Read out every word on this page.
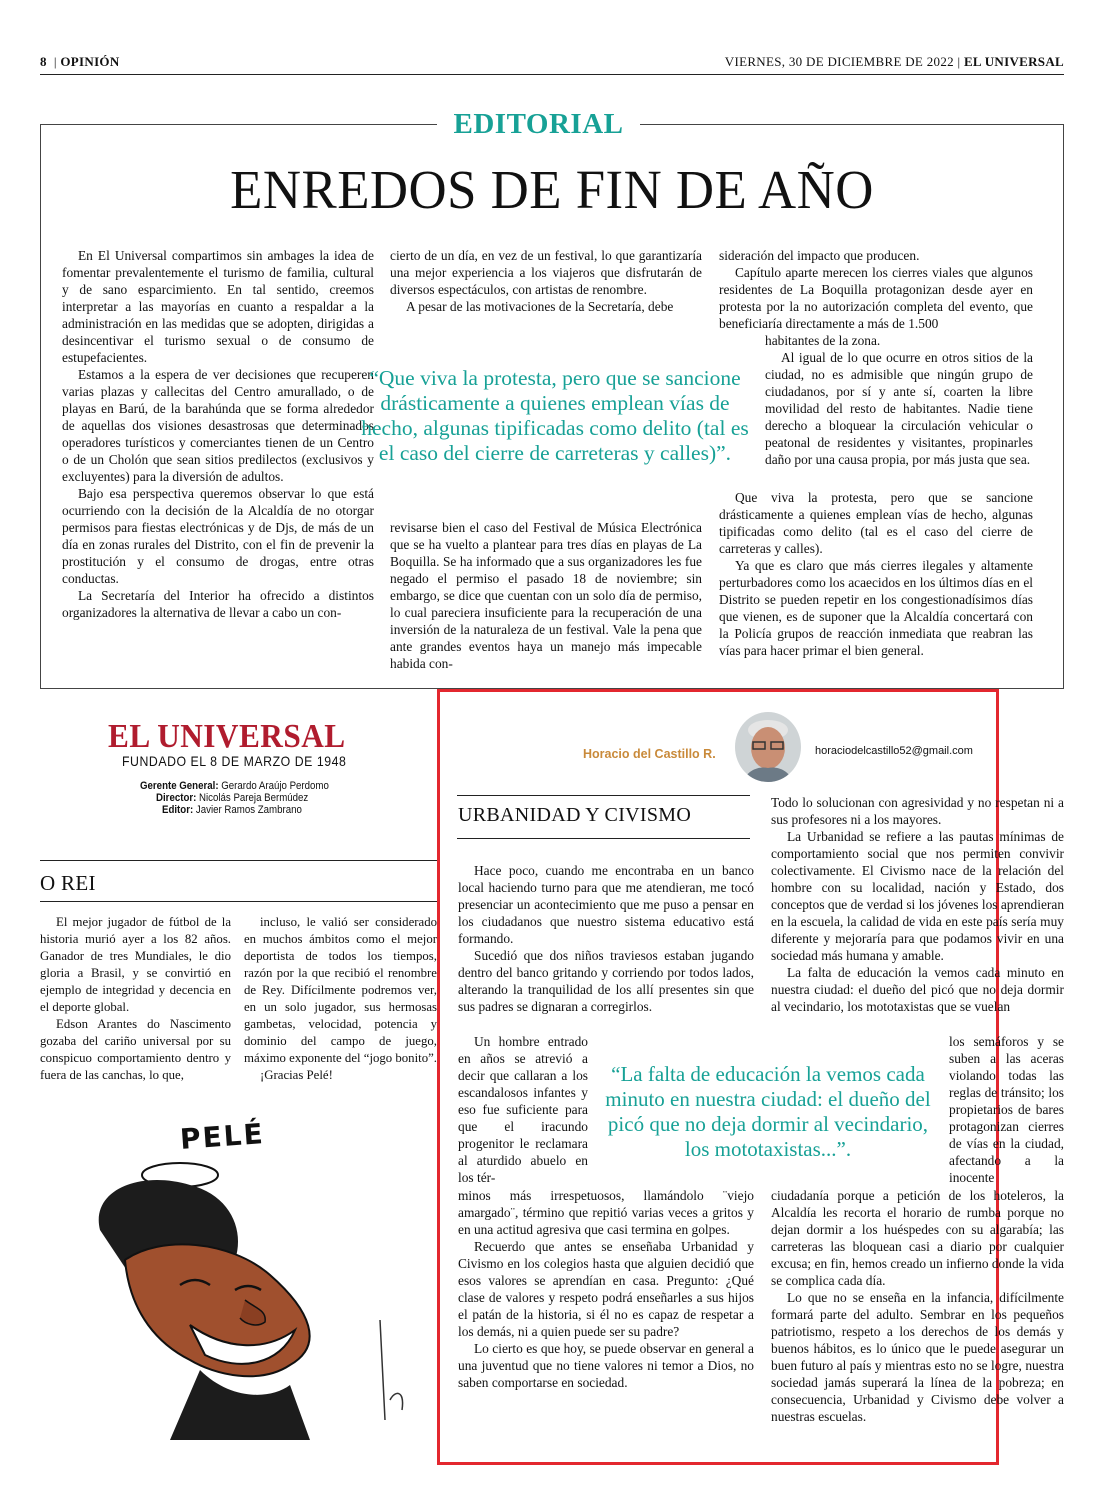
8  | OPINIÓN	VIERNES, 30 DE DICIEMBRE DE 2022 | EL UNIVERSAL
EDITORIAL
ENREDOS DE FIN DE AÑO

En El Universal compartimos sin ambages la idea de fomentar prevalentemente el turismo de familia, cultural y de sano esparcimiento. En tal sentido, creemos interpretar a las mayorías en cuanto a respaldar a la administración en las medidas que se adopten, dirigidas a desincentivar el turismo sexual o de consumo de estupefacientes.

Estamos a la espera de ver decisiones que recuperen varias plazas y callecitas del Centro amurallado, o de playas en Barú, de la barahúnda que se forma alrededor de aquellas dos visiones desastrosas que determinados operadores turísticos y comerciantes tienen de un Centro o de un Cholón que sean sitios predilectos (exclusivos y excluyentes) para la diversión de adultos.

Bajo esa perspectiva queremos observar lo que está ocurriendo con la decisión de la Alcaldía de no otorgar permisos para fiestas electrónicas y de Djs, de más de un día en zonas rurales del Distrito, con el fin de prevenir la prostitución y el consumo de drogas, entre otras conductas.

La Secretaría del Interior ha ofrecido a distintos organizadores la alternativa de llevar a cabo un con-

cierto de un día, en vez de un festival, lo que garantizaría una mejor experiencia a los viajeros que disfrutarán de diversos espectáculos, con artistas de renombre.

A pesar de las motivaciones de la Secretaría, debe

“Que viva la protesta, pero que se sancione drásticamente a quienes emplean vías de hecho, algunas tipificadas como delito (tal es el caso del cierre de carreteras y calles)”.

revisarse bien el caso del Festival de Música Electrónica que se ha vuelto a plantear para tres días en playas de La Boquilla. Se ha informado que a sus organizadores les fue negado el permiso el pasado 18 de noviembre; sin embargo, se dice que cuentan con un solo día de permiso, lo cual pareciera insuficiente para la recuperación de una inversión de la naturaleza de un festival. Vale la pena que ante grandes eventos haya un manejo más impecable habida con-

sideración del impacto que producen.

Capítulo aparte merecen los cierres viales que algunos residentes de La Boquilla protagonizan desde ayer en protesta por la no autorización completa del evento, que beneficiaría directamente a más de 1.500

habitantes de la zona.

Al igual de lo que ocurre en otros sitios de la ciudad, no es admisible que ningún grupo de ciudadanos, por sí y ante sí, coarten la libre movilidad del resto de habitantes. Nadie tiene derecho a bloquear la circulación vehicular o peatonal de residentes y visitantes, propinarles daño por una causa propia, por más justa que sea.

Que viva la protesta, pero que se sancione drásticamente a quienes emplean vías de hecho, algunas tipificadas como delito (tal es el caso del cierre de carreteras y calles).

Ya que es claro que más cierres ilegales y altamente perturbadores como los acaecidos en los últimos días en el Distrito se pueden repetir en los congestionadísimos días que vienen, es de suponer que la Alcaldía concertará con la Policía grupos de reacción inmediata que reabran las vías para hacer primar el bien general.

EL UNIVERSAL
FUNDADO EL 8 DE MARZO DE 1948
Gerente General: Gerardo Araújo Perdomo
Director: Nicolás Pareja Bermúdez
Editor: Javier Ramos Zambrano
O REI

El mejor jugador de fútbol de la historia murió ayer a los 82 años. Ganador de tres Mundiales, le dio gloria a Brasil, y se convirtió en ejemplo de integridad y decencia en el deporte global.

Edson Arantes do Nascimento gozaba del cariño universal por su conspicuo comportamiento dentro y fuera de las canchas, lo que,

incluso, le valió ser considerado en muchos ámbitos como el mejor deportista de todos los tiempos, razón por la que recibió el renombre de Rey. Difícilmente podremos ver, en un solo jugador, sus hermosas gambetas, velocidad, potencia y dominio del campo de juego, máximo exponente del “jogo bonito”.

¡Gracias Pelé!

PELÉ
Horacio del Castillo R.	horaciodelcastillo52@gmail.com
URBANIDAD Y CIVISMO

Hace poco, cuando me encontraba en un banco local haciendo turno para que me atendieran, me tocó presenciar un acontecimiento que me puso a pensar en los ciudadanos que nuestro sistema educativo está formando.

Sucedió que dos niños traviesos estaban jugando dentro del banco gritando y corriendo por todos lados, alterando la tranquilidad de los allí presentes sin que sus padres se dignaran a corregirlos.

Un hombre entrado en años se atrevió a decir que callaran a los escandalosos infantes y eso fue suficiente para que el iracundo progenitor le reclamara al aturdido abuelo en los tér-

“La falta de educación la vemos cada minuto en nuestra ciudad: el dueño del picó que no deja dormir al vecindario, los mototaxistas...”.

minos más irrespetuosos, llamándolo ¨viejo amargado¨, término que repitió varias veces a gritos y en una actitud agresiva que casi termina en golpes.

Recuerdo que antes se enseñaba Urbanidad y Civismo en los colegios hasta que alguien decidió que esos valores se aprendían en casa. Pregunto: ¿Qué clase de valores y respeto podrá enseñarles a sus hijos el patán de la historia, si él no es capaz de respetar a los demás, ni a quien puede ser su padre?

Lo cierto es que hoy, se puede observar en general a una juventud que no tiene valores ni temor a Dios, no saben comportarse en sociedad.

Todo lo solucionan con agresividad y no respetan ni a sus profesores ni a los mayores.

La Urbanidad se refiere a las pautas mínimas de comportamiento social que nos permiten convivir colectivamente. El Civismo nace de la relación del hombre con su localidad, nación y Estado, dos conceptos que de verdad si los jóvenes los aprendieran en la escuela, la calidad de vida en este país sería muy diferente y mejoraría para que podamos vivir en una sociedad más humana y amable.

La falta de educación la vemos cada minuto en nuestra ciudad: el dueño del picó que no deja dormir al vecindario, los mototaxistas que se vuelan

los semáforos y se suben a las aceras violando todas las reglas de tránsito; los propietarios de bares protagonizan cierres de vías en la ciudad, afectando a la inocente

ciudadanía porque a petición de los hoteleros, la Alcaldía les recorta el horario de rumba porque no dejan dormir a los huéspedes con su algarabía; las carreteras las bloquean casi a diario por cualquier excusa; en fin, hemos creado un infierno donde la vida se complica cada día.

Lo que no se enseña en la infancia, difícilmente formará parte del adulto. Sembrar en los pequeños patriotismo, respeto a los derechos de los demás y buenos hábitos, es lo único que le puede asegurar un buen futuro al país y mientras esto no se logre, nuestra sociedad jamás superará la línea de la pobreza; en consecuencia, Urbanidad y Civismo debe volver a nuestras escuelas.
